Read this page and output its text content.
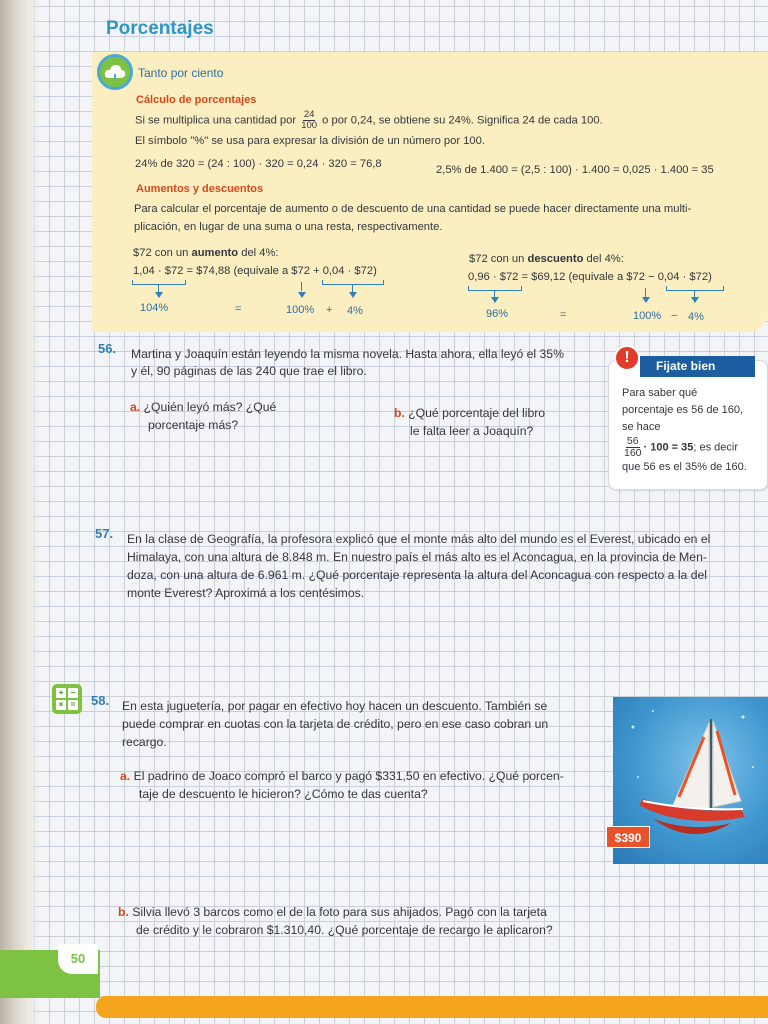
Porcentajes
Tanto por ciento
Cálculo de porcentajes
Si se multiplica una cantidad por $\frac{24}{100}$ o por 0,24, se obtiene su 24%. Significa 24 de cada 100.
El símbolo "%" se usa para expresar la división de un número por 100.
24% de 320 = (24 : 100) · 320 = 0,24 · 320 = 76,8	2,5% de 1.400 = (2,5 : 100) · 1.400 = 0,025 · 1.400 = 35
Aumentos y descuentos
Para calcular el porcentaje de aumento o de descuento de una cantidad se puede hacer directamente una multi-
plicación, en lugar de una suma o una resta, respectivamente.
$72 con un aumento del 4%:
1,04 · $72 = $74,88 (equivale a $72 + 0,04 · $72)
104%	=	100% + 4%
$72 con un descuento del 4%:
0,96 · $72 = $69,12 (equivale a $72 − 0,04 · $72)
96%	=	100% − 4%
56. Martina y Joaquín están leyendo la misma novela. Hasta ahora, ella leyó el 35%
y él, 90 páginas de las 240 que trae el libro.
a. ¿Quién leyó más? ¿Qué
porcentaje más?
b. ¿Qué porcentaje del libro
le falta leer a Joaquín?
Fijate bien
!
Para saber qué
porcentaje es 56 de 160,
se hace
$\frac{56}{160} \cdot 100 = 35$; es decir
que 56 es el 35% de 160.
57. En la clase de Geografía, la profesora explicó que el monte más alto del mundo es el Everest, ubicado en el
Himalaya, con una altura de 8.848 m. En nuestro país el más alto es el Aconcagua, en la provincia de Men-
doza, con una altura de 6.961 m. ¿Qué porcentaje representa la altura del Aconcagua con respecto a la del
monte Everest? Aproximá a los centésimos.
+ −
× = 58. En esta juguetería, por pagar en efectivo hoy hacen un descuento. También se
puede comprar en cuotas con la tarjeta de crédito, pero en ese caso cobran un
recargo.
a. El padrino de Joaco compró el barco y pagó $331,50 en efectivo. ¿Qué porcen-
taje de descuento le hicieron? ¿Cómo te das cuenta?
b. Silvia llevó 3 barcos como el de la foto para sus ahijados. Pagó con la tarjeta
de crédito y le cobraron $1.310,40. ¿Qué porcentaje de recargo le aplicaron?
$390
50
